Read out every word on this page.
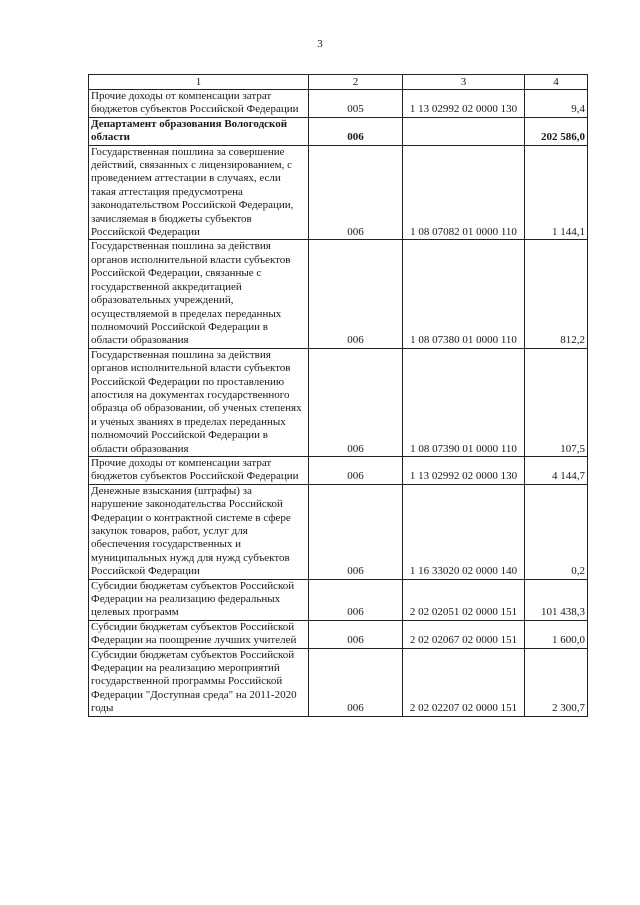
3
1	2	3	4
Прочие доходы от компенсации затрат бюджетов субъектов Российской Федерации	005	1 13 02992 02 0000 130	9,4
Департамент образования Вологодской области	006		202 586,0
Государственная пошлина за совершение действий, связанных с лицензированием, с проведением аттестации в случаях, если такая аттестация предусмотрена законодательством Российской Федерации, зачисляемая в бюджеты субъектов Российской Федерации	006	1 08 07082 01 0000 110	1 144,1
Государственная пошлина за действия органов исполнительной власти субъектов Российской Федерации, связанные с государственной аккредитацией образовательных учреждений, осуществляемой в пределах переданных полномочий Российской Федерации в области образования	006	1 08 07380 01 0000 110	812,2
Государственная пошлина за действия органов исполнительной власти субъектов Российской Федерации по проставлению апостиля на документах государственного образца об образовании, об ученых степенях и ученых званиях в пределах переданных полномочий Российской Федерации в области образования	006	1 08 07390 01 0000 110	107,5
Прочие доходы от компенсации затрат бюджетов субъектов Российской Федерации	006	1 13 02992 02 0000 130	4 144,7
Денежные взыскания (штрафы) за нарушение законодательства Российской Федерации о контрактной системе в сфере закупок товаров, работ, услуг для обеспечения государственных и муниципальных нужд для нужд субъектов Российской Федерации	006	1 16 33020 02 0000 140	0,2
Субсидии бюджетам субъектов Российской Федерации на реализацию федеральных целевых программ	006	2 02 02051 02 0000 151	101 438,3
Субсидии бюджетам субъектов Российской Федерации на поощрение лучших учителей	006	2 02 02067 02 0000 151	1 600,0
Субсидии бюджетам субъектов Российской Федерации на реализацию мероприятий государственной программы Российской Федерации "Доступная среда" на 2011-2020 годы	006	2 02 02207 02 0000 151	2 300,7
